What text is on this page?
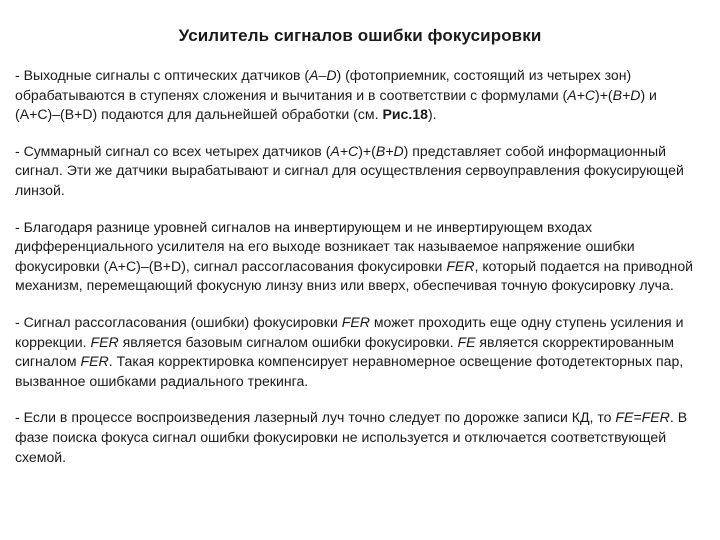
Усилитель сигналов ошибки фокусировки

- Выходные сигналы с оптических датчиков (A–D) (фотоприемник, состоящий из четырех зон) обрабатываются в ступенях сложения и вычитания и в соответствии с формулами (A+C)+(B+D) и (A+C)–(B+D) подаются для дальнейшей обработки (см. Рис.18).

- Суммарный сигнал со всех четырех датчиков (A+C)+(B+D) представляет собой информационный сигнал. Эти же датчики вырабатывают и сигнал для осуществления сервоуправления фокусирующей линзой.

- Благодаря разнице уровней сигналов на инвертирующем и не инвертирующем входах дифференциального усилителя на его выходе возникает так называемое напряжение ошибки фокусировки (A+C)–(B+D), сигнал рассогласования фокусировки FER, который подается на приводной механизм, перемещающий фокусную линзу вниз или вверх, обеспечивая точную фокусировку луча.

- Сигнал рассогласования (ошибки) фокусировки FER может проходить еще одну ступень усиления и коррекции. FER является базовым сигналом ошибки фокусировки. FE является скорректированным сигналом FER. Такая корректировка компенсирует неравномерное освещение фотодетекторных пар, вызванное ошибками радиального трекинга.

- Если в процессе воспроизведения лазерный луч точно следует по дорожке записи КД, то FE=FER. В фазе поиска фокуса сигнал ошибки фокусировки не используется и отключается соответствующей схемой.
